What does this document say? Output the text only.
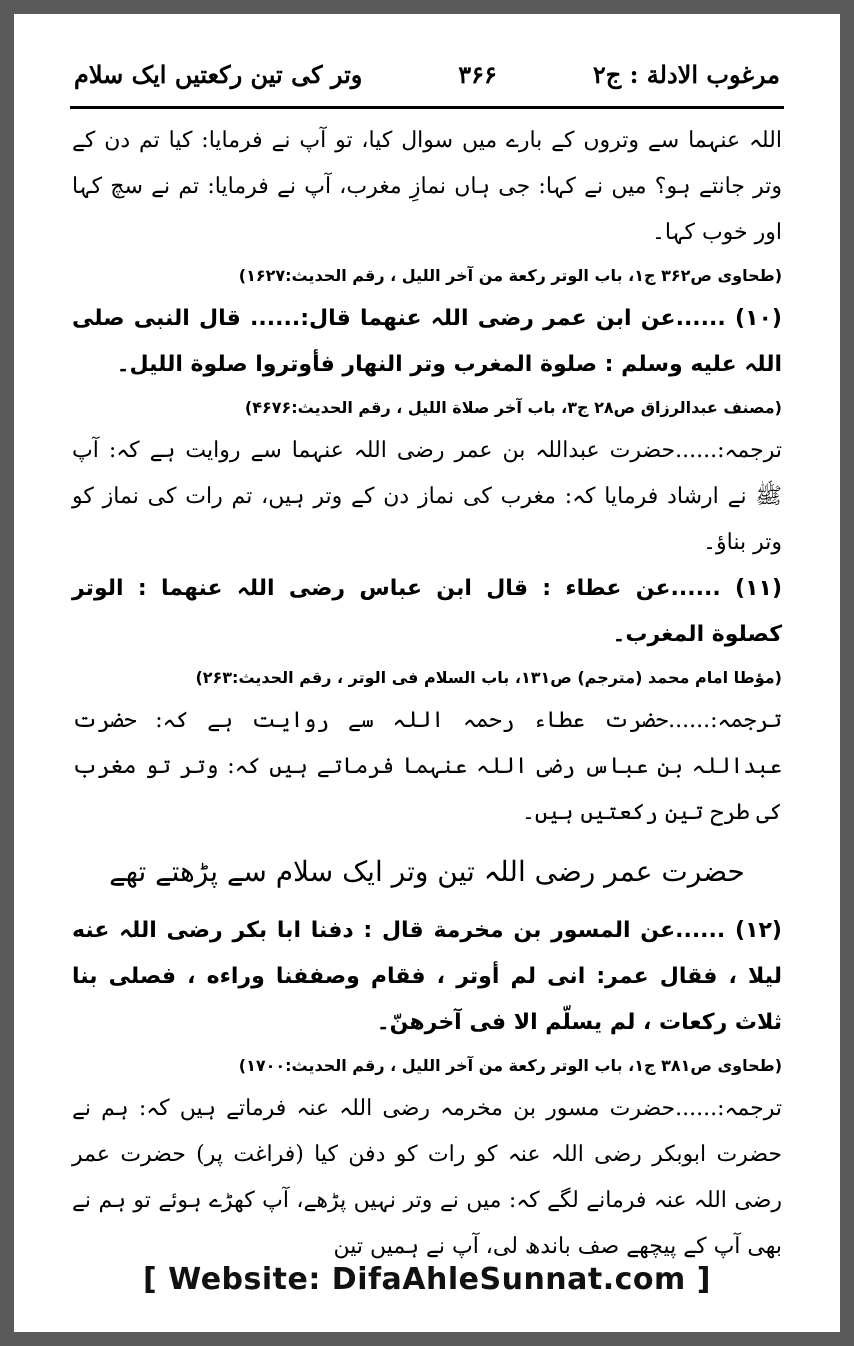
مرغوب الادلة : ج۲
۳۶۶
وتر کی تین رکعتیں ایک سلام

اللہ عنہما سے وتروں کے بارے میں سوال کیا، تو آپ نے فرمایا: کیا تم دن کے وتر جانتے ہو؟ میں نے کہا: جی ہاں نمازِ مغرب، آپ نے فرمایا: تم نے سچ کہا اور خوب کہا۔

(طحاوی ص۳۶۲ ج۱، باب الوتر رکعة من آخر اللیل ، رقم الحدیث:۱۶۲۷)

(۱۰) ......عن ابن عمر رضی اللہ عنهما قال:...... قال النبی صلی اللہ علیه وسلم : صلوة المغرب وتر النهار فأوتروا صلوة اللیل۔

(مصنف عبدالرزاق ص۲۸ ج۳، باب آخر صلاة اللیل ، رقم الحدیث:۴۶۷۶)

ترجمہ:......حضرت عبداللہ بن عمر رضی اللہ عنہما سے روایت ہے کہ: آپ ﷺ نے ارشاد فرمایا کہ: مغرب کی نماز دن کے وتر ہیں، تم رات کی نماز کو وتر بناؤ۔

(۱۱) ......عن عطاء : قال ابن عباس رضی اللہ عنهما : الوتر کصلوة المغرب۔

(مؤطا امام محمد (مترجم) ص۱۳۱، باب السلام فی الوتر ، رقم الحدیث:۲۶۳)

ترجمہ:......حضرت عطاء رحمہ اللہ سے روایت ہے کہ: حضرت عبداللہ بن عباس رضی اللہ عنہما فرماتے ہیں کہ: وتر تو مغرب کی طرح تین رکعتیں ہیں۔

حضرت عمر رضی اللہ تین وتر ایک سلام سے پڑھتے تھے

(۱۲) ......عن المسور بن مخرمة قال : دفنا ابا بکر رضی اللہ عنه لیلا ، فقال عمر: انی لم أوتر ، فقام وصففنا وراءه ، فصلی بنا ثلاث رکعات ، لم یسلّم الا فی آخرهنّ۔

(طحاوی ص۳۸۱ ج۱، باب الوتر رکعة من آخر اللیل ، رقم الحدیث:۱۷۰۰)

ترجمہ:......حضرت مسور بن مخرمہ رضی اللہ عنہ فرماتے ہیں کہ: ہم نے حضرت ابوبکر رضی اللہ عنہ کو رات کو دفن کیا (فراغت پر) حضرت عمر رضی اللہ عنہ فرمانے لگے کہ: میں نے وتر نہیں پڑھے، آپ کھڑے ہوئے تو ہم نے بھی آپ کے پیچھے صف باندھ لی، آپ نے ہمیں تین

[ Website: DifaAhleSunnat.com ]
